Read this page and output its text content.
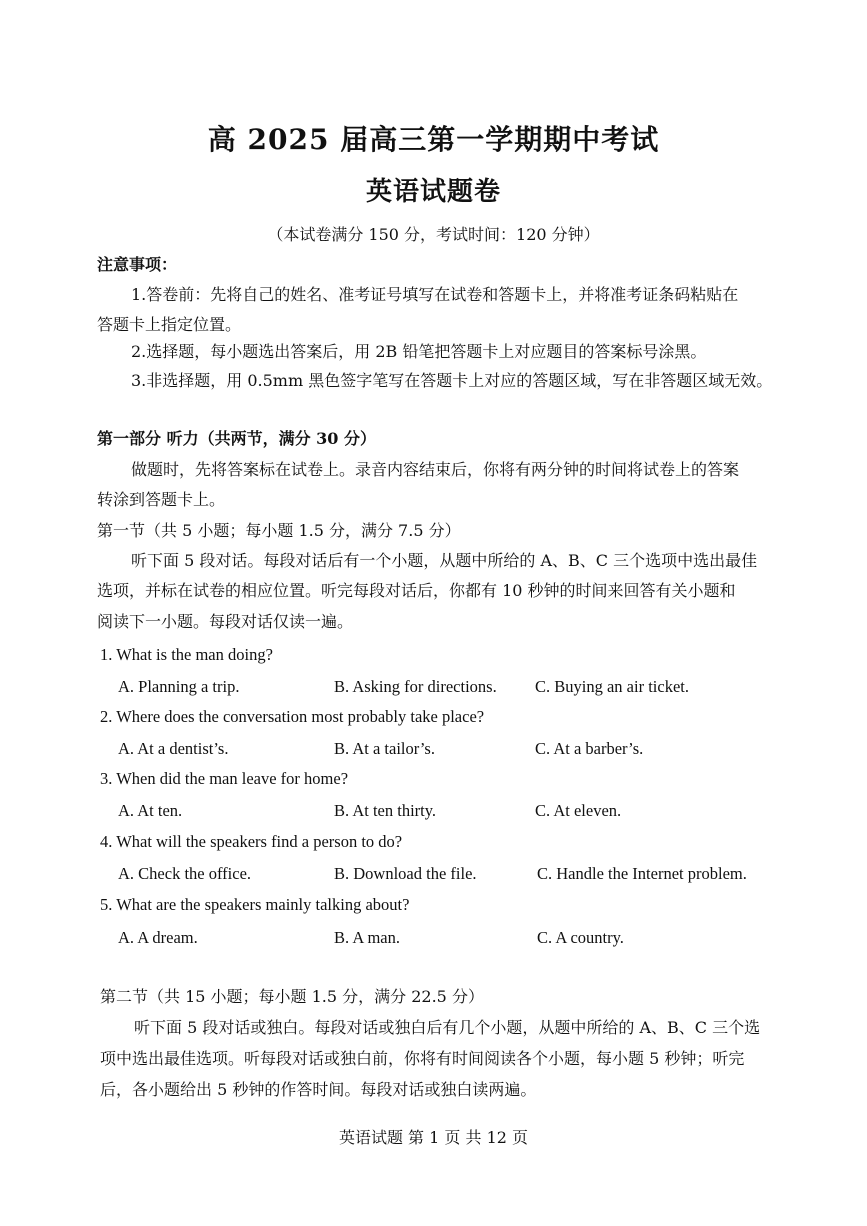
高 2025 届高三第一学期期中考试
英语试题卷
（本试卷满分 150 分，考试时间：120 分钟）
注意事项：
1.答卷前：先将自己的姓名、准考证号填写在试卷和答题卡上，并将准考证条码粘贴在
答题卡上指定位置。
2.选择题，每小题选出答案后，用 2B 铅笔把答题卡上对应题目的答案标号涂黑。
3.非选择题，用 0.5mm 黑色签字笔写在答题卡上对应的答题区域，写在非答题区域无效。
第一部分 听力（共两节，满分 30 分）
做题时，先将答案标在试卷上。录音内容结束后，你将有两分钟的时间将试卷上的答案
转涂到答题卡上。
第一节（共 5 小题；每小题 1.5 分，满分 7.5 分）
听下面 5 段对话。每段对话后有一个小题，从题中所给的 A、B、C 三个选项中选出最佳
选项，并标在试卷的相应位置。听完每段对话后，你都有 10 秒钟的时间来回答有关小题和
阅读下一小题。每段对话仅读一遍。
1. What is the man doing?
A. Planning a trip.	B. Asking for directions. C. Buying an air ticket.
2. Where does the conversation most probably take place?
A. At a dentist’s.	B. At a tailor’s.	C. At a barber’s.
3. When did the man leave for home?
A. At ten.	B. At ten thirty.	C. At eleven.
4. What will the speakers find a person to do?
A. Check the office.	B. Download the file.	C. Handle the Internet problem.
5. What are the speakers mainly talking about?
A. A dream.	B. A man.	C. A country.
第二节（共 15 小题；每小题 1.5 分，满分 22.5 分）
听下面 5 段对话或独白。每段对话或独白后有几个小题，从题中所给的 A、B、C 三个选
项中选出最佳选项。听每段对话或独白前，你将有时间阅读各个小题，每小题 5 秒钟；听完
后，各小题给出 5 秒钟的作答时间。每段对话或独白读两遍。
英语试题 第 1 页 共 12 页
